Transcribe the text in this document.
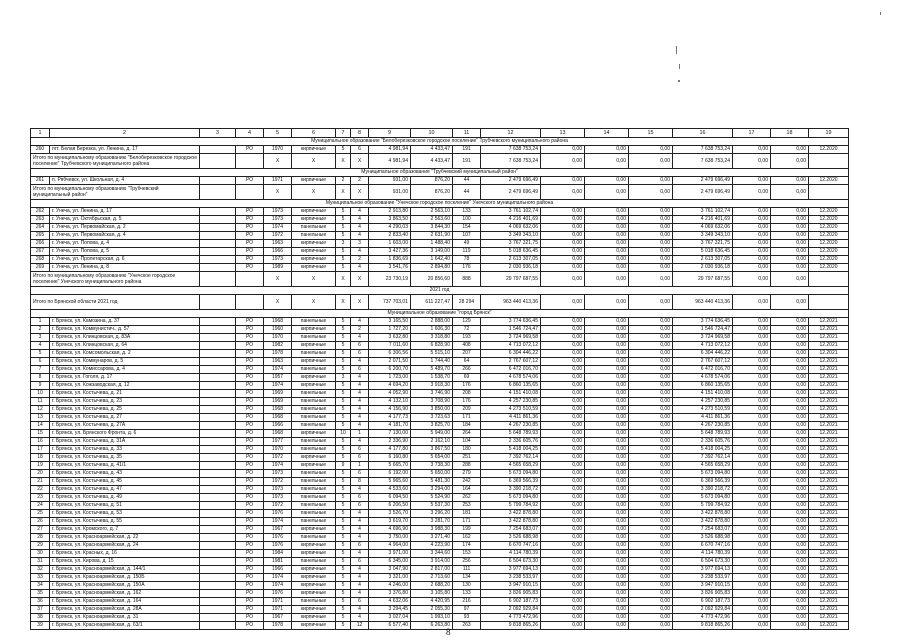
1	2	3	4	5	6	7	8	9	10	11	12	13	14	15	16	17	18	19
Муниципальное образование "Белоберезковское городское поселение" Трубчевского муниципального района																		
260	пгт. Белая Березка, ул. Ленина, д. 17		РО	1970	кирпичные	5	6	4 981,94	4 433,47	191	7 638 753,24	0,00	0,00	0,00	7 638 753,24	0,00	0,00	12.2020
Итого по муниципальному образованию "Белоберезковское городское поселение" Трубчевского муниципального района				X	X	X	X	4 981,94	4 433,47	191	7 638 753,24	0,00	0,00	0,00	7 638 753,24	0,00	0,00	
Муниципальное образование "Трубчевский муниципальный район"																		
261	п. Рябчевск, ул. Школьная, д. 4		РО	1971	кирпичные	2	2	931,00	876,20	44	2 479 696,49	0,00	0,00	0,00	2 479 696,49	0,00	0,00	12.2020
Итого по муниципальному образованию "Трубчевский муниципальный район"				X	X	X	X	931,00	876,20	44	2 479 696,49	0,00	0,00	0,00	2 479 696,49	0,00	0,00	
Муниципальное образование "Унечское городское поселение" Унечского муниципального района																		
262	г. Унеча, ул. Ленина, д. 17		РО	1973	кирпичные	5	4	2 913,80	2 563,10	133	3 761 102,74	0,00	0,00	0,00	3 761 102,74	0,00	0,00	12.2020
263	г. Унеча, ул. Октябрьская, д. 5		РО	1973	кирпичные	5	4	3 863,50	2 563,60	100	4 216 401,69	0,00	0,00	0,00	4 216 401,69	0,00	0,00	12.2020
264	г. Унеча, ул. Первомайская, д. 2		РО	1974	панельные	5	4	4 290,03	3 844,30	154	4 069 632,06	0,00	0,00	0,00	4 069 632,06	0,00	0,00	12.2020
265	г. Унеча, ул. Первомайская, д. 4		РО	1972	панельные	5	4	2 833,40	2 631,90	107	3 349 343,10	0,00	0,00	0,00	3 349 343,10	0,00	0,00	12.2020
266	г. Унеча, ул. Попова, д. 4		РО	1963	кирпичные	3	3	1 603,00	1 488,40	49	3 767 321,75	0,00	0,00	0,00	3 767 321,75	0,00	0,00	12.2020
267	г. Унеча, ул. Попова, д. 5		РО	1966	кирпичные	5	4	3 427,36	3 149,00	119	5 018 636,45	0,00	0,00	0,00	5 018 636,45	0,00	0,00	12.2020
268	г. Унеча, ул. Пролетарская, д. 6		РО	1973	кирпичные	5	2	1 836,69	1 642,40	78	2 613 307,05	0,00	0,00	0,00	2 613 307,05	0,00	0,00	12.2020
269	г. Унеча, ул. Ленина, д. 8		РО	1989	кирпичные	5	4	3 541,76	2 894,80	176	2 030 936,18	0,00	0,00	0,00	2 030 936,18	0,00	0,00	12.2020
Итого по муниципальному образованию "Унечское городское поселение" Унечского муниципального района				X	X	X	X	23 730,19	20 856,60	888	29 797 687,55	0,00	0,00	0,00	29 797 687,55	0,00	0,00	
2021 год																		
Итого по Брянской области 2021 год				X	X	X	X	737 703,01	611 227,47	28 294	963 440 413,36	0,00	0,00	0,00	963 440 413,36	0,00	0,00	
Муниципальное образование "город Брянск"																		
1	г. Брянск, ул. Камозина, д. 37		РО	1968	панельные	5	4	3 165,50	2 888,00	129	3 774 636,45	0,00	0,00	0,00	3 774 636,45	0,00	0,00	12.2021
2	г. Брянск, ул. Коммунистич., д. 57		РО	1960	кирпичные	5	2	1 727,20	1 606,30	72	1 546 724,47	0,00	0,00	0,00	1 546 724,47	0,00	0,00	12.2021
3	г. Брянск, ул. Клинцовская, д. 83А		РО	1970	панельные	5	4	3 632,80	3 318,80	193	3 724 969,58	0,00	0,00	0,00	3 724 969,58	0,00	0,00	12.2021
4	г. Брянск, ул. Клинцовская, д. 64		РО	1982	кирпичные	5	6	7 011,60	6 828,90	408	4 713 072,12	0,00	0,00	0,00	4 713 072,12	0,00	0,00	12.2021
5	г. Брянск, ул. Комсомольская, д. 2		РО	1978	панельные	5	6	6 306,56	5 515,10	207	6 304 446,22	0,00	0,00	0,00	6 304 446,22	0,00	0,00	12.2021
6	г. Брянск, ул. Коммунаров, д. 5		РО	1963	кирпичные	5	4	2 071,50	1 744,40	64	2 767 607,12	0,00	0,00	0,00	2 767 607,12	0,00	0,00	12.2021
7	г. Брянск, ул. Комиссарова, д. 4		РО	1974	панельные	5	6	6 200,70	5 489,70	266	6 472 016,70	0,00	0,00	0,00	6 472 016,70	0,00	0,00	12.2021
8	г. Брянск, ул. Гоголя, д. 17		РО	1957	кирпичные	3	4	1 723,00	1 538,70	69	4 678 574,06	0,00	0,00	0,00	4 678 574,06	0,00	0,00	12.2021
9	г. Брянск, ул. Кожзаводская, д. 12		РО	1974	кирпичные	5	4	4 694,20	3 918,30	176	6 860 135,65	0,00	0,00	0,00	6 860 135,65	0,00	0,00	12.2021
10	г. Брянск, ул. Костычева, д. 21		РО	1969	панельные	5	4	4 052,90	3 746,90	208	4 151 410,08	0,00	0,00	0,00	4 151 410,08	0,00	0,00	12.2021
11	г. Брянск, ул. Костычева, д. 23		РО	1969	панельные	5	4	4 132,10	3 708,90	176	4 257 230,85	0,00	0,00	0,00	4 257 230,85	0,00	0,00	12.2021
12	г. Брянск, ул. Костычева, д. 25		РО	1968	панельные	5	4	4 156,90	3 850,00	209	4 273 510,59	0,00	0,00	0,00	4 273 510,59	0,00	0,00	12.2021
13	г. Брянск, ул. Костычева, д. 27		РО	1968	панельные	5	4	4 177,73	3 723,63	171	4 411 861,36	0,00	0,00	0,00	4 411 861,36	0,00	0,00	12.2021
14	г. Брянск, ул. Костычева, д. 27А		РО	1966	панельные	5	4	4 181,70	3 825,70	184	4 267 230,85	0,00	0,00	0,00	4 267 230,85	0,00	0,00	12.2021
15	г. Брянск, ул. Брянского Фронта, д. 6		РО	1968	кирпичные	10	1	7 130,00	5 949,00	264	5 648 789,93	0,00	0,00	0,00	5 648 789,93	0,00	0,00	12.2021
16	г. Брянск, ул. Костычева, д. 31А		РО	1977	панельные	5	4	2 336,90	2 162,10	104	2 336 605,76	0,00	0,00	0,00	2 336 605,76	0,00	0,00	12.2021
17	г. Брянск, ул. Костычева, д. 33		РО	1970	панельные	5	6	4 177,80	3 867,50	180	5 418 004,25	0,00	0,00	0,00	5 418 004,25	0,00	0,00	12.2021
18	г. Брянск, ул. Костычева, д. 35		РО	1972	кирпичные	5	6	6 160,80	5 654,00	251	7 392 762,14	0,00	0,00	0,00	7 392 762,14	0,00	0,00	12.2021
19	г. Брянск, ул. Костычева, д. 41/1		РО	1974	кирпичные	9	1	5 665,70	3 738,30	288	4 565 658,29	0,00	0,00	0,00	4 565 658,29	0,00	0,00	12.2021
20	г. Брянск, ул. Костычева, д. 43		РО	1973	панельные	5	6	6 192,00	5 650,00	279	5 673 094,80	0,00	0,00	0,00	5 673 094,80	0,00	0,00	12.2021
21	г. Брянск, ул. Костычева, д. 45		РО	1972	панельные	5	8	5 965,60	5 481,30	242	6 369 566,39	0,00	0,00	0,00	6 369 566,39	0,00	0,00	12.2021
22	г. Брянск, ул. Костычева, д. 47		РО	1973	панельные	5	4	4 533,60	3 294,00	164	3 390 218,72	0,00	0,00	0,00	3 390 218,72	0,00	0,00	12.2021
23	г. Брянск, ул. Костычева, д. 49		РО	1973	панельные	5	6	6 094,50	5 524,90	262	5 673 094,80	0,00	0,00	0,00	5 673 094,80	0,00	0,00	12.2021
24	г. Брянск, ул. Костычева, д. 51		РО	1972	панельные	5	6	6 206,50	5 537,30	253	5 799 784,92	0,00	0,00	0,00	5 799 784,92	0,00	0,00	12.2021
25	г. Брянск, ул. Костычева, д. 53		РО	1976	панельные	5	4	3 526,70	3 296,20	181	3 422 878,80	0,00	0,00	0,00	3 422 878,80	0,00	0,00	12.2021
26	г. Брянск, ул. Костычева, д. 55		РО	1974	панельные	5	4	3 619,70	3 281,70	171	3 422 878,80	0,00	0,00	0,00	3 422 878,80	0,00	0,00	12.2021
27	г. Брянск, ул. Кромского, д. 7		РО	1967	кирпичные	5	4	4 696,90	3 988,30	199	7 254 683,07	0,00	0,00	0,00	7 254 683,07	0,00	0,00	12.2021
28	г. Брянск, ул. Красноармейская, д. 22		РО	1976	панельные	5	4	3 750,00	3 271,40	162	3 526 688,98	0,00	0,00	0,00	3 526 688,98	0,00	0,00	12.2021
29	г. Брянск, ул. Красноармейская, д. 24		РО	1976	кирпичные	5	6	4 964,00	4 223,90	174	6 670 747,16	0,00	0,00	0,00	6 670 747,16	0,00	0,00	12.2021
30	г. Брянск, ул. Красных, д. 16		РО	1984	кирпичные	5	4	3 971,00	3 344,60	153	4 114 780,39	0,00	0,00	0,00	4 114 780,39	0,00	0,00	12.2021
31	г. Брянск, ул. Кирова, д. 15		РО	1981	панельные	5	6	6 345,00	3 914,00	256	6 504 673,30	0,00	0,00	0,00	6 504 673,30	0,00	0,00	12.2021
32	г. Брянск, ул. Красноармейская, д. 144/1		РО	1966	кирпичные	5	4	3 047,90	2 817,00	111	3 977 694,13	0,00	0,00	0,00	3 977 694,13	0,00	0,00	12.2021
33	г. Брянск, ул. Красноармейская, д. 150Б		РО	1974	кирпичные	5	4	3 321,00	2 713,60	134	3 238 533,97	0,00	0,00	0,00	3 238 533,97	0,00	0,00	12.2021
34	г. Брянск, ул. Красноармейская, д. 150А		РО	1974	кирпичные	5	4	4 246,00	2 688,20	130	3 947 910,15	0,00	0,00	0,00	3 947 910,15	0,00	0,00	12.2021
35	г. Брянск, ул. Красноармейская, д. 162		РО	1976	кирпичные	5	4	3 376,80	3 105,80	133	3 826 905,83	0,00	0,00	0,00	3 826 905,83	0,00	0,00	12.2021
36	г. Брянск, ул. Красноармейская, д. 164		РО	1971	панельные	5	6	4 632,06	4 420,95	216	6 902 187,73	0,00	0,00	0,00	6 902 187,73	0,00	0,00	12.2021
37	г. Брянск, ул. Красноармейская, д. 28А		РО	1971	кирпичные	5	4	3 294,45	2 055,30	97	2 092 929,84	0,00	0,00	0,00	2 092 929,84	0,00	0,00	12.2021
38	г. Брянск, ул. Красноармейская, д. 31		РО	1967	кирпичные	5	4	3 027,04	1 993,10	93	4 773 472,96	0,00	0,00	0,00	4 773 472,96	0,00	0,00	12.2021
39	г. Брянск, ул. Красноармейская, д. 63/1		РО	1978	кирпичные	5	12	6 577,40	6 263,80	263	9 818 865,26	0,00	0,00	0,00	9 818 865,26	0,00	0,00	12.2021
8
